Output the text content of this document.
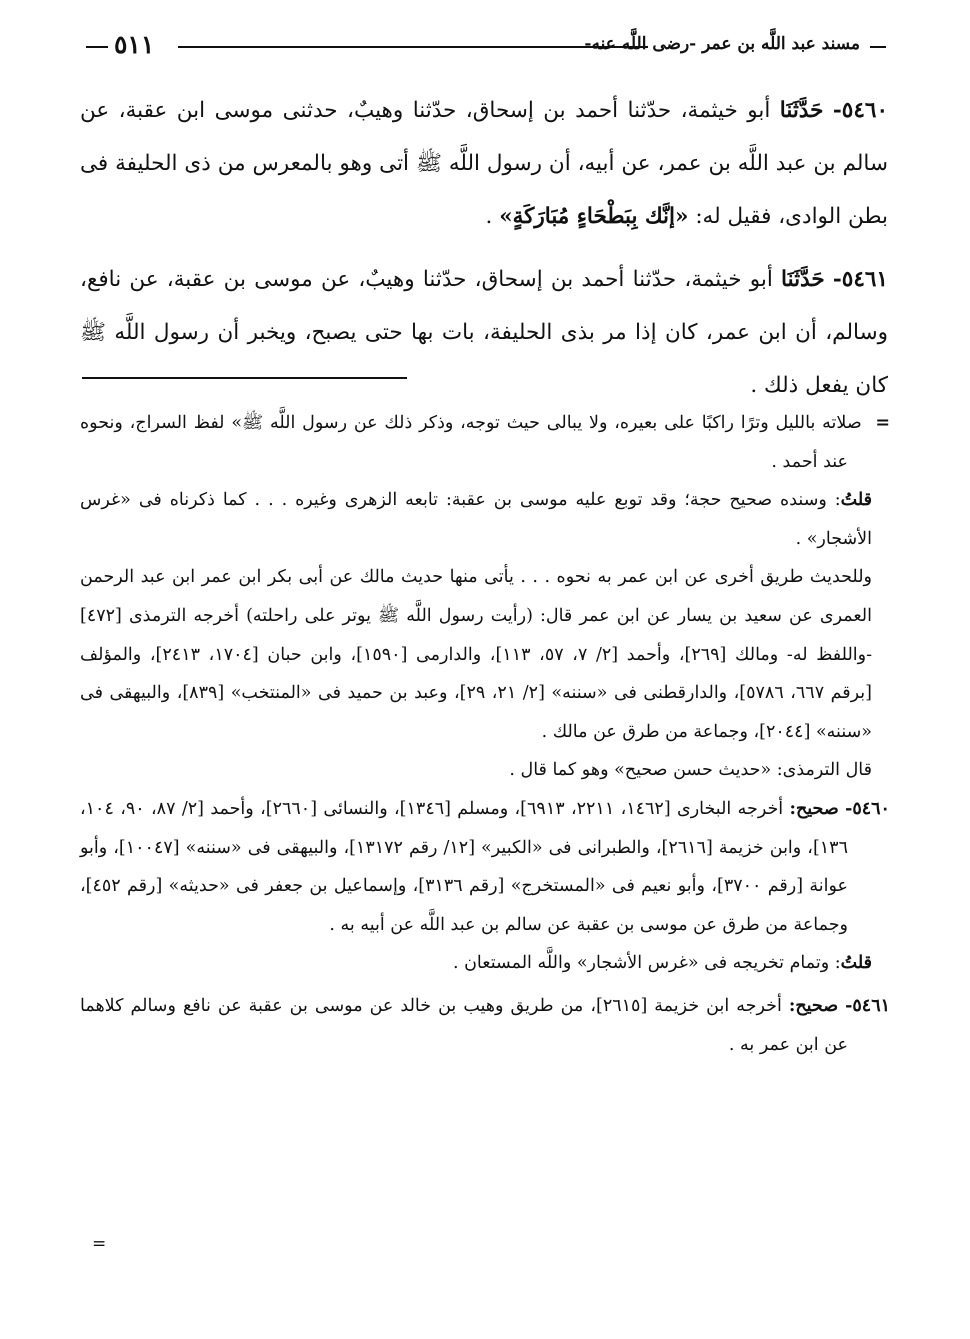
٥١١	مسند عبد اللَّه بن عمر -رضى اللَّه عنه-

٥٤٦٠- حَدَّثَنَا أبو خيثمة، حدّثنا أحمد بن إسحاق، حدّثنا وهيبٌ، حدثنى موسى ابن عقبة، عن سالم بن عبد اللَّه بن عمر، عن أبيه، أن رسول اللَّه ﷺ أتى وهو بالمعرس من ذى الحليفة فى بطن الوادى، فقيل له: «إنَّك بِبَطْحَاءٍ مُبَارَكَةٍ» .

٥٤٦١- حَدَّثَنَا أبو خيثمة، حدّثنا أحمد بن إسحاق، حدّثنا وهيبٌ، عن موسى بن عقبة، عن نافع، وسالم، أن ابن عمر، كان إذا مر بذى الحليفة، بات بها حتى يصبح، ويخبر أن رسول اللَّه ﷺ كان يفعل ذلك .

=  صلاته بالليل وترًا راكبًا على بعيره، ولا يبالى حيث توجه، وذكر ذلك عن رسول اللَّه ﷺ» لفظ السراج، ونحوه عند أحمد .

قلتُ: وسنده صحيح حجة؛ وقد توبع عليه موسى بن عقبة: تابعه الزهرى وغيره . . . كما ذكرناه فى «غرس الأشجار» .

وللحديث طريق أخرى عن ابن عمر به نحوه . . . يأتى منها حديث مالك عن أبى بكر ابن عمر ابن عبد الرحمن العمرى عن سعيد بن يسار عن ابن عمر قال: (رأيت رسول اللَّه ﷺ يوتر على راحلته) أخرجه الترمذى [٤٧٢] -واللفظ له- ومالك [٢٦٩]، وأحمد [٢/ ٧، ٥٧، ١١٣]، والدارمى [١٥٩٠]، وابن حبان [١٧٠٤، ٢٤١٣]، والمؤلف [برقم ٦٦٧، ٥٧٨٦]، والدارقطنى فى «سننه» [٢/ ٢١، ٢٩]، وعبد بن حميد فى «المنتخب» [٨٣٩]، والبيهقى فى «سننه» [٢٠٤٤]، وجماعة من طرق عن مالك .

قال الترمذى: «حديث حسن صحيح» وهو كما قال .

٥٤٦٠- صحيح: أخرجه البخارى [١٤٦٢، ٢٢١١، ٦٩١٣]، ومسلم [١٣٤٦]، والنسائى [٢٦٦٠]، وأحمد [٢/ ٨٧، ٩٠، ١٠٤، ١٣٦]، وابن خزيمة [٢٦١٦]، والطبرانى فى «الكبير» [١٢/ رقم ١٣١٧٢]، والبيهقى فى «سننه» [١٠٠٤٧]، وأبو عوانة [رقم ٣٧٠٠]، وأبو نعيم فى «المستخرج» [رقم ٣١٣٦]، وإسماعيل بن جعفر فى «حديثه» [رقم ٤٥٢]، وجماعة من طرق عن موسى بن عقبة عن سالم بن عبد اللَّه عن أبيه به .

قلتُ: وتمام تخريجه فى «غرس الأشجار» واللَّه المستعان .

٥٤٦١- صحيح: أخرجه ابن خزيمة [٢٦١٥]، من طريق وهيب بن خالد عن موسى بن عقبة عن نافع وسالم كلاهما عن ابن عمر به .

=
